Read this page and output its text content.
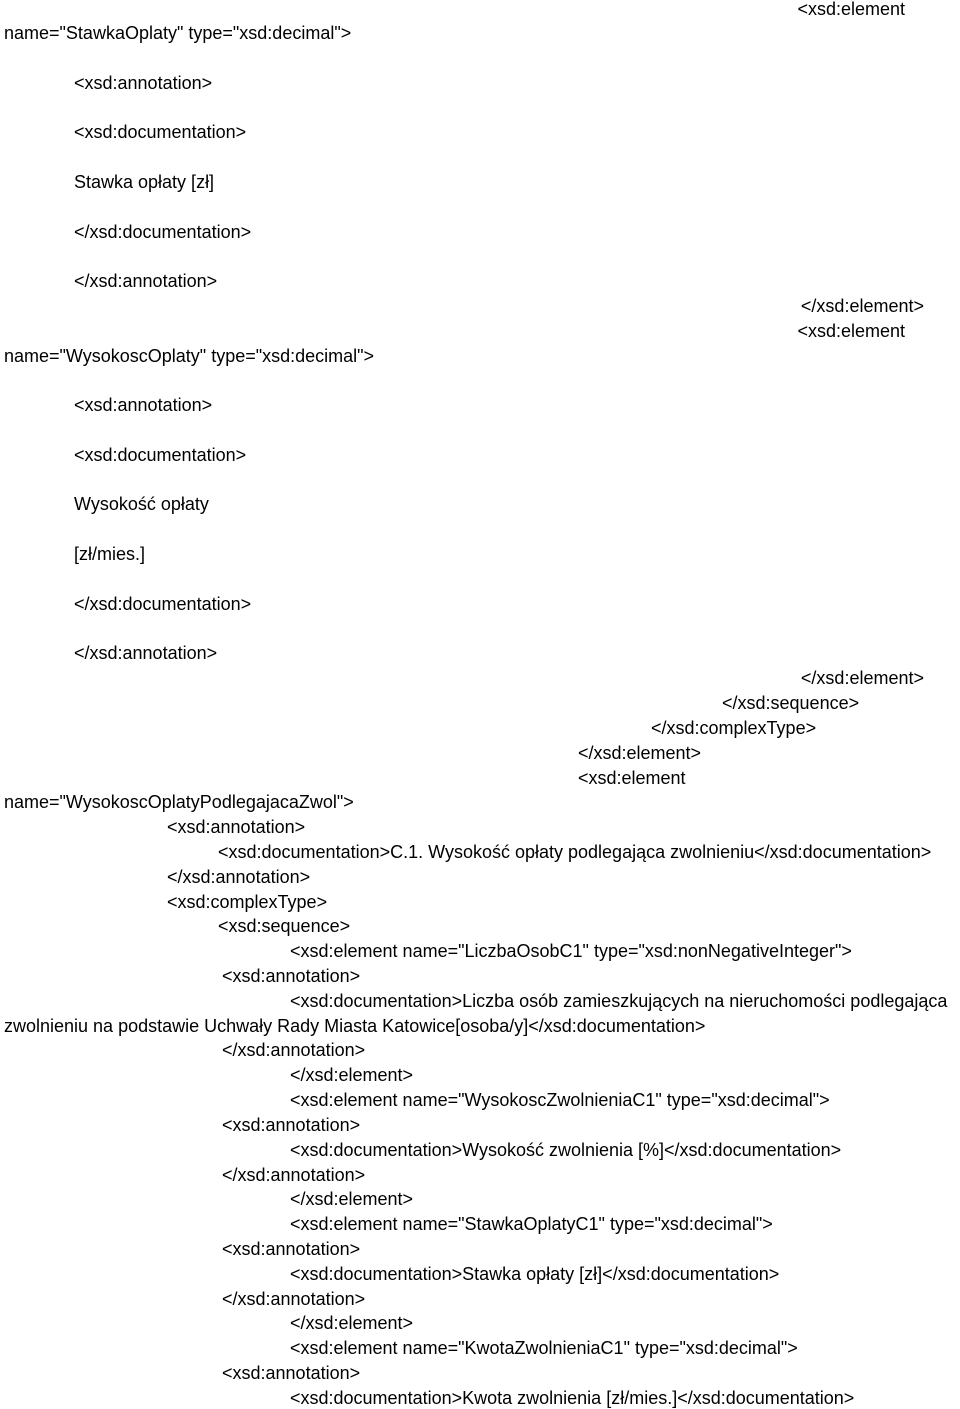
<xsd:element
name="StawkaOplaty" type="xsd:decimal">
<xsd:annotation>
<xsd:documentation>
Stawka opłaty [zł]
</xsd:documentation>
</xsd:annotation>
</xsd:element>
<xsd:element
name="WysokoscOplaty" type="xsd:decimal">
<xsd:annotation>
<xsd:documentation>
Wysokość opłaty
[zł/mies.]
</xsd:documentation>
</xsd:annotation>
</xsd:element>
</xsd:sequence>
</xsd:complexType>
</xsd:element>
<xsd:element
name="WysokoscOplatyPodlegajacaZwol">
<xsd:annotation>
<xsd:documentation>C.1. Wysokość opłaty podlegająca zwolnieniu</xsd:documentation>
</xsd:annotation>
<xsd:complexType>
<xsd:sequence>
<xsd:element name="LiczbaOsobC1" type="xsd:nonNegativeInteger">
<xsd:annotation>
<xsd:documentation>Liczba osób zamieszkujących na nieruchomości podlegająca
zwolnieniu na podstawie Uchwały Rady Miasta Katowice[osoba/y]</xsd:documentation>
</xsd:annotation>
</xsd:element>
<xsd:element name="WysokoscZwolnieniaC1" type="xsd:decimal">
<xsd:annotation>
<xsd:documentation>Wysokość zwolnienia [%]</xsd:documentation>
</xsd:annotation>
</xsd:element>
<xsd:element name="StawkaOplatyC1" type="xsd:decimal">
<xsd:annotation>
<xsd:documentation>Stawka opłaty [zł]</xsd:documentation>
</xsd:annotation>
</xsd:element>
<xsd:element name="KwotaZwolnieniaC1" type="xsd:decimal">
<xsd:annotation>
<xsd:documentation>Kwota zwolnienia [zł/mies.]</xsd:documentation>
